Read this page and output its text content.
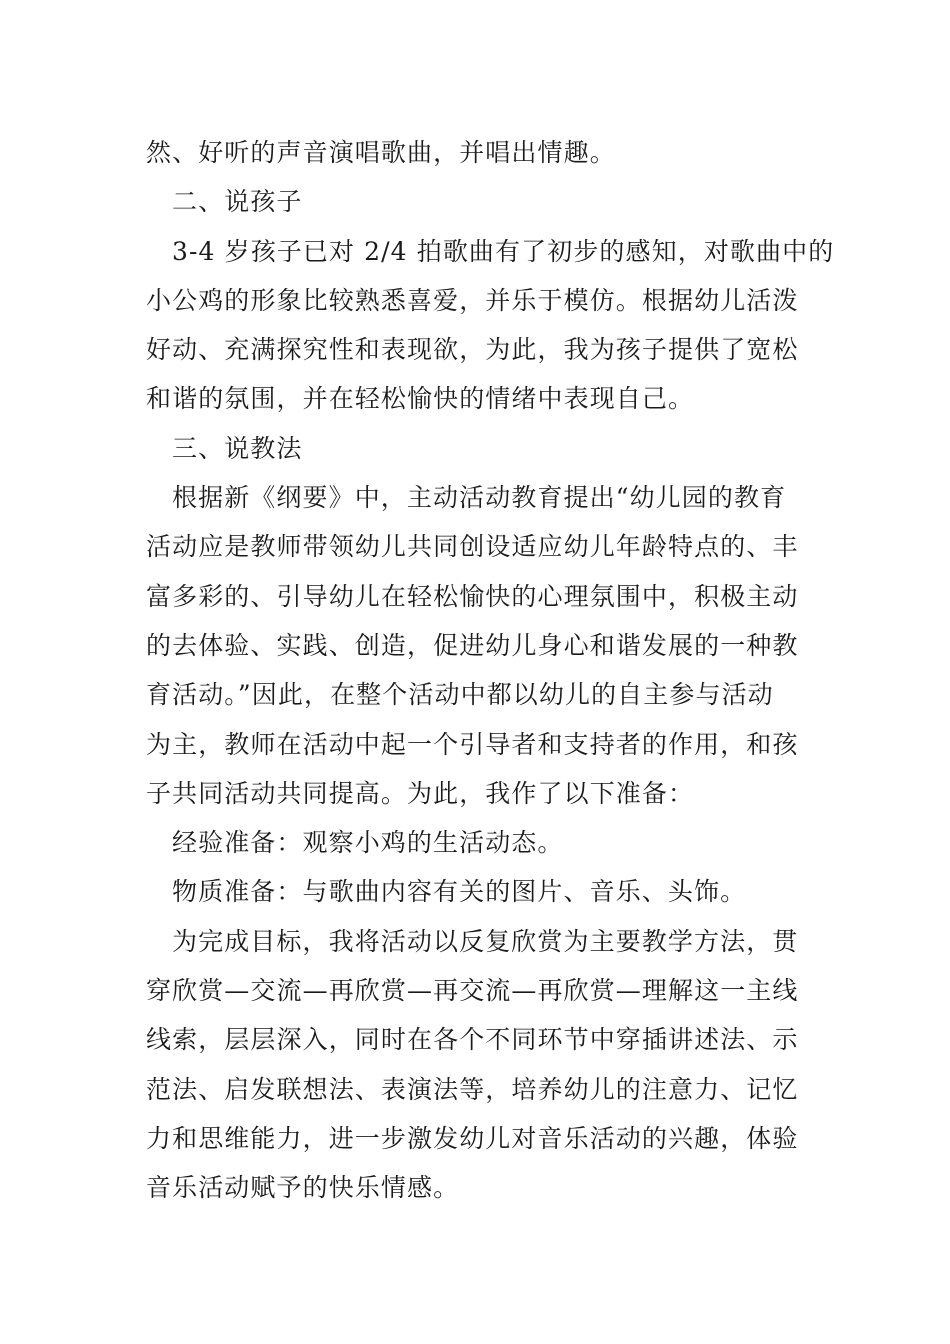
然、好听的声音演唱歌曲，并唱出情趣。
二、说孩子
3-4 岁孩子已对 2/4 拍歌曲有了初步的感知，对歌曲中的
小公鸡的形象比较熟悉喜爱，并乐于模仿。根据幼儿活泼
好动、充满探究性和表现欲，为此，我为孩子提供了宽松
和谐的氛围，并在轻松愉快的情绪中表现自己。
三、说教法
根据新《纲要》中，主动活动教育提出“幼儿园的教育
活动应是教师带领幼儿共同创设适应幼儿年龄特点的、丰
富多彩的、引导幼儿在轻松愉快的心理氛围中，积极主动
的去体验、实践、创造，促进幼儿身心和谐发展的一种教
育活动。”因此，在整个活动中都以幼儿的自主参与活动
为主，教师在活动中起一个引导者和支持者的作用，和孩
子共同活动共同提高。为此，我作了以下准备：
经验准备：观察小鸡的生活动态。
物质准备：与歌曲内容有关的图片、音乐、头饰。
为完成目标，我将活动以反复欣赏为主要教学方法，贯
穿欣赏—交流—再欣赏—再交流—再欣赏—理解这一主线
线索，层层深入，同时在各个不同环节中穿插讲述法、示
范法、启发联想法、表演法等，培养幼儿的注意力、记忆
力和思维能力，进一步激发幼儿对音乐活动的兴趣，体验
音乐活动赋予的快乐情感。
